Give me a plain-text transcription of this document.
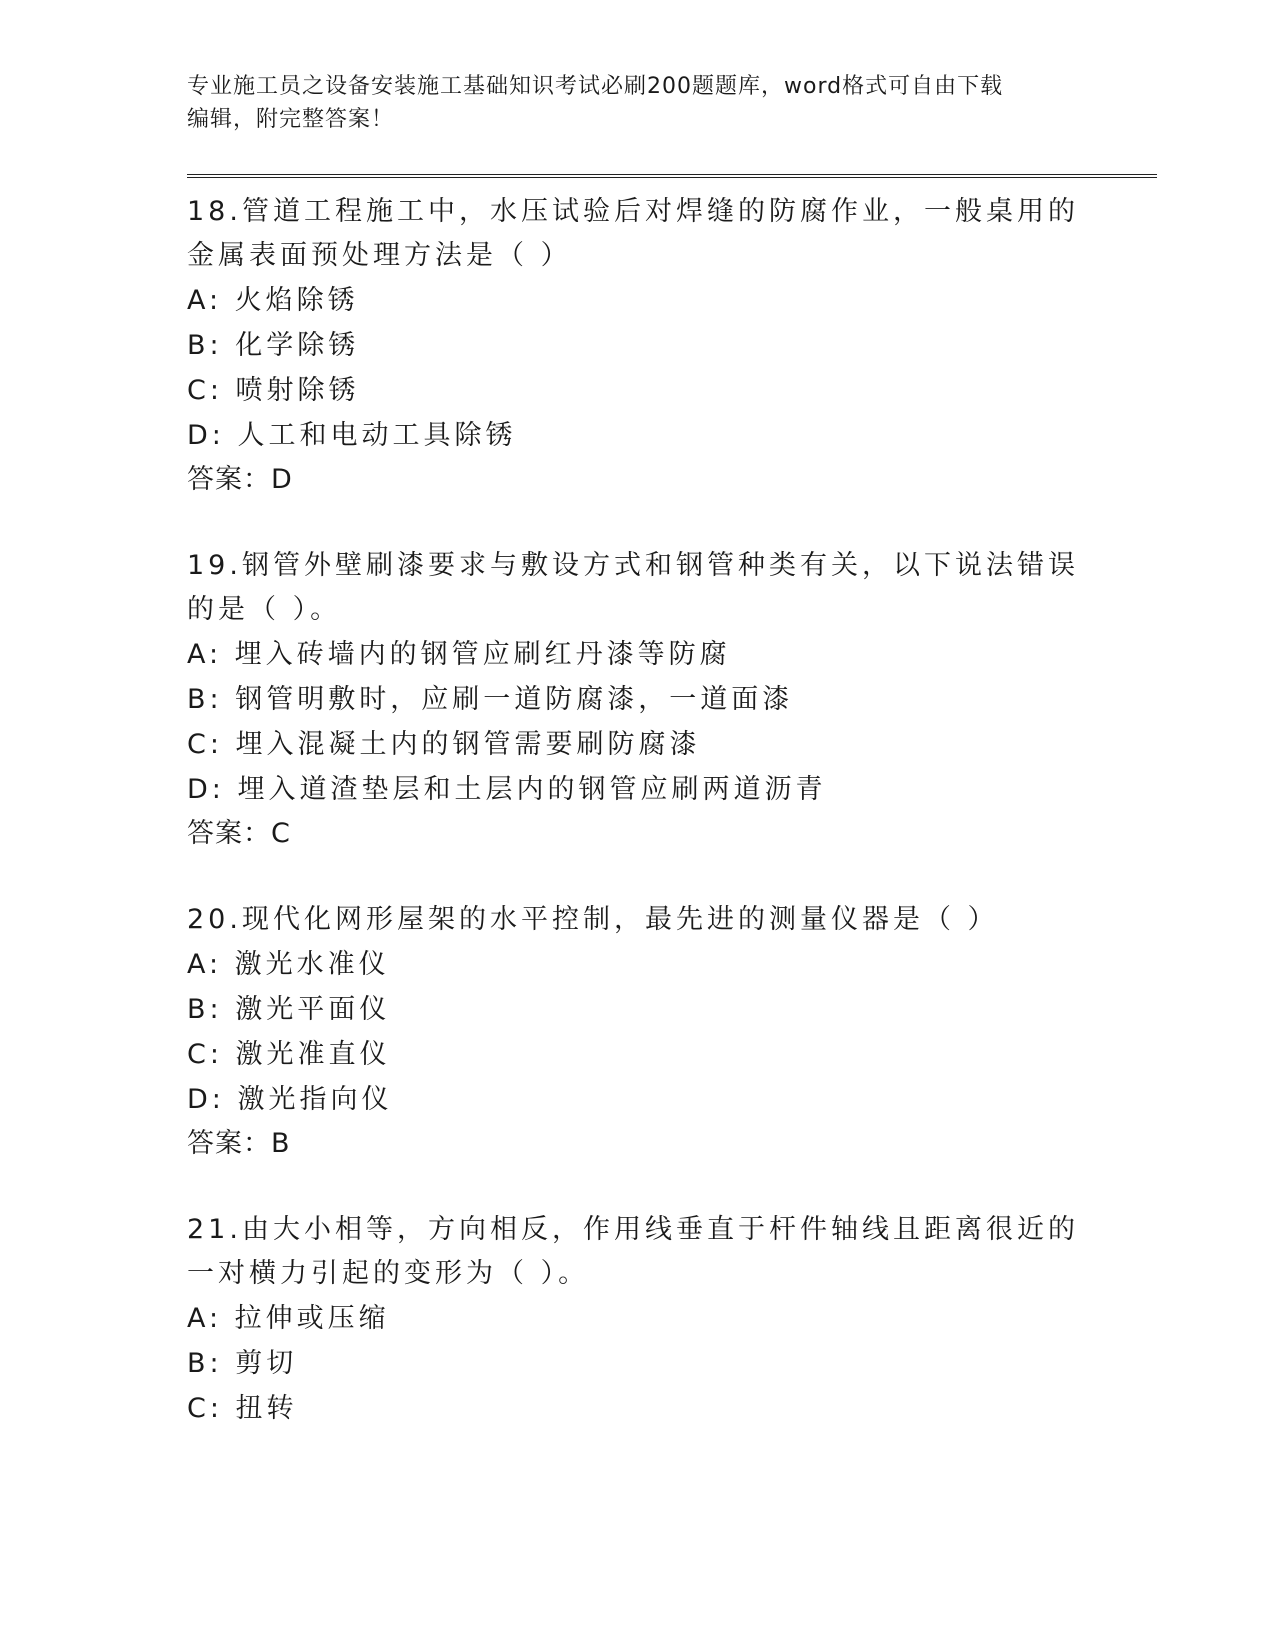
专业施工员之设备安装施工基础知识考试必刷200题题库，word格式可自由下载
编辑，附完整答案！

18.管道工程施工中，水压试验后对焊缝的防腐作业，一般桌用的金属表面预处理方法是（ ）

A: 火焰除锈

B: 化学除锈

C: 喷射除锈

D: 人工和电动工具除锈

答案：D

19.钢管外壁刷漆要求与敷设方式和钢管种类有关，以下说法错误的是（ ）。

A: 埋入砖墙内的钢管应刷红丹漆等防腐

B: 钢管明敷时，应刷一道防腐漆，一道面漆

C: 埋入混凝土内的钢管需要刷防腐漆

D: 埋入道渣垫层和土层内的钢管应刷两道沥青

答案：C

20.现代化网形屋架的水平控制，最先进的测量仪器是（ ）

A: 激光水准仪

B: 激光平面仪

C: 激光准直仪

D: 激光指向仪

答案：B

21.由大小相等，方向相反，作用线垂直于杆件轴线且距离很近的一对横力引起的变形为（ ）。

A: 拉伸或压缩

B: 剪切

C: 扭转
